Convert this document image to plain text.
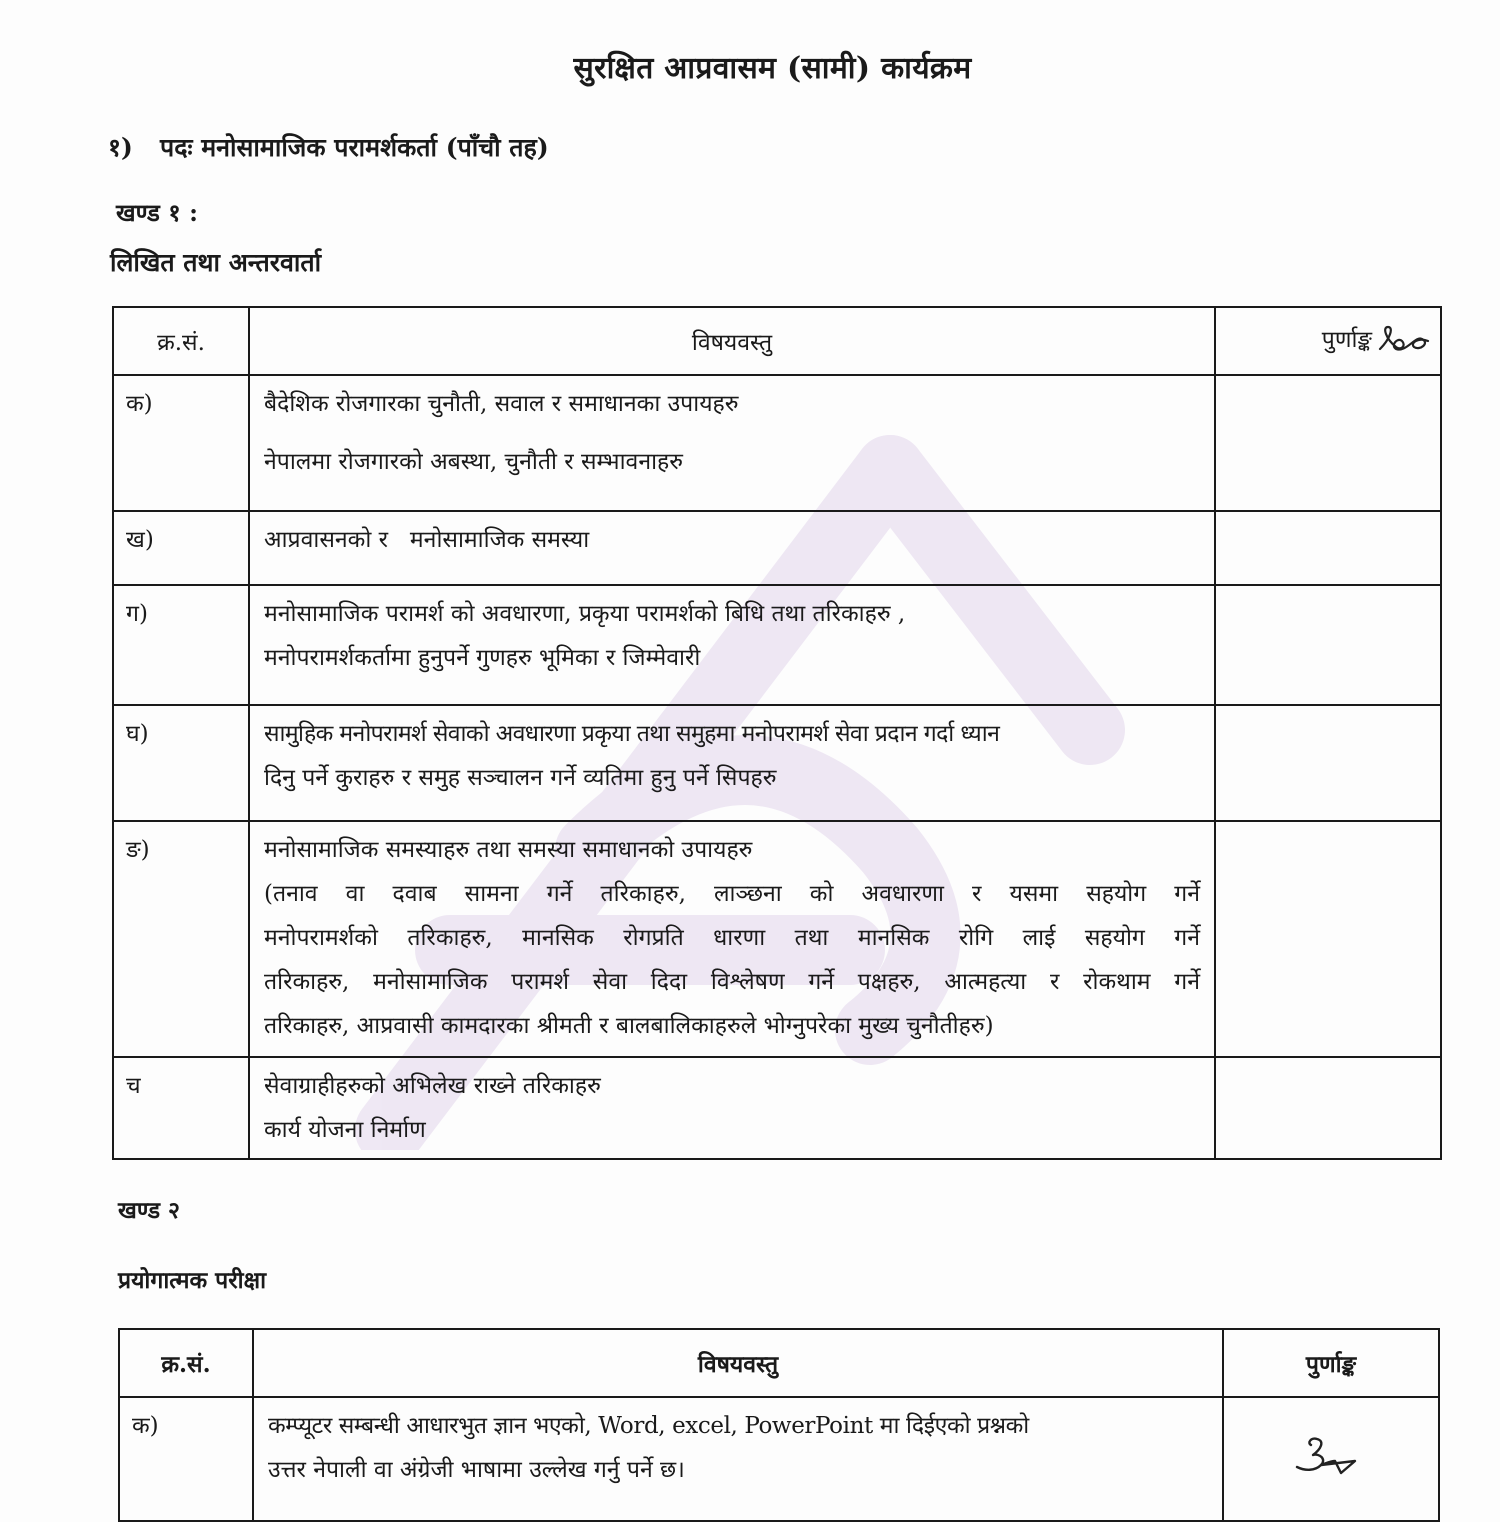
सुरक्षित आप्रवासम (सामी) कार्यक्रम
१) पदः मनोसामाजिक परामर्शकर्ता (पाँचौ तह)
खण्ड १ :
लिखित तथा अन्तरवार्ता
क्र.सं.	विषयवस्तु	पुर्णाङ्क
क)	बैदेशिक रोजगारका चुनौती, सवाल र समाधानका उपायहरु
नेपालमा रोजगारको अबस्था, चुनौती र सम्भावनाहरु	

ख)	आप्रवासनको र   मनोसामाजिक समस्या	

ग)	मनोसामाजिक परामर्श को अवधारणा, प्रकृया परामर्शको बिधि तथा तरिकाहरु ,
मनोपरामर्शकर्तामा हुनुपर्ने गुणहरु भूमिका र जिम्मेवारी	

घ)	सामुहिक मनोपरामर्श सेवाको अवधारणा प्रकृया तथा समुहमा मनोपरामर्श सेवा प्रदान गर्दा ध्यान
दिनु पर्ने कुराहरु र समुह सञ्चालन गर्ने व्यतिमा हुनु पर्ने सिपहरु	

ङ)	मनोसामाजिक समस्याहरु तथा समस्या समाधानको उपायहरु
(तनाव वा दवाब सामना गर्ने तरिकाहरु, लाञ्छना को अवधारणा र यसमा सहयोग गर्ने
मनोपरामर्शको तरिकाहरु, मानसिक रोगप्रति धारणा तथा मानसिक रोगि लाई सहयोग गर्ने
तरिकाहरु, मनोसामाजिक परामर्श सेवा दिदा विश्लेषण गर्ने पक्षहरु, आत्महत्या र रोकथाम गर्ने
तरिकाहरु, आप्रवासी कामदारका श्रीमती र बालबालिकाहरुले भोग्नुपरेका मुख्य चुनौतीहरु)	

च	सेवाग्राहीहरुको अभिलेख राख्ने तरिकाहरु
कार्य योजना निर्माण	

खण्ड २
प्रयोगात्मक परीक्षा
क्र.सं.	विषयवस्तु	पुर्णाङ्क
क)	कम्प्यूटर सम्बन्धी आधारभुत ज्ञान भएको, Word, excel, PowerPoint मा दिईएको प्रश्नको
उत्तर नेपाली वा अंग्रेजी भाषामा उल्लेख गर्नु पर्ने छ।
